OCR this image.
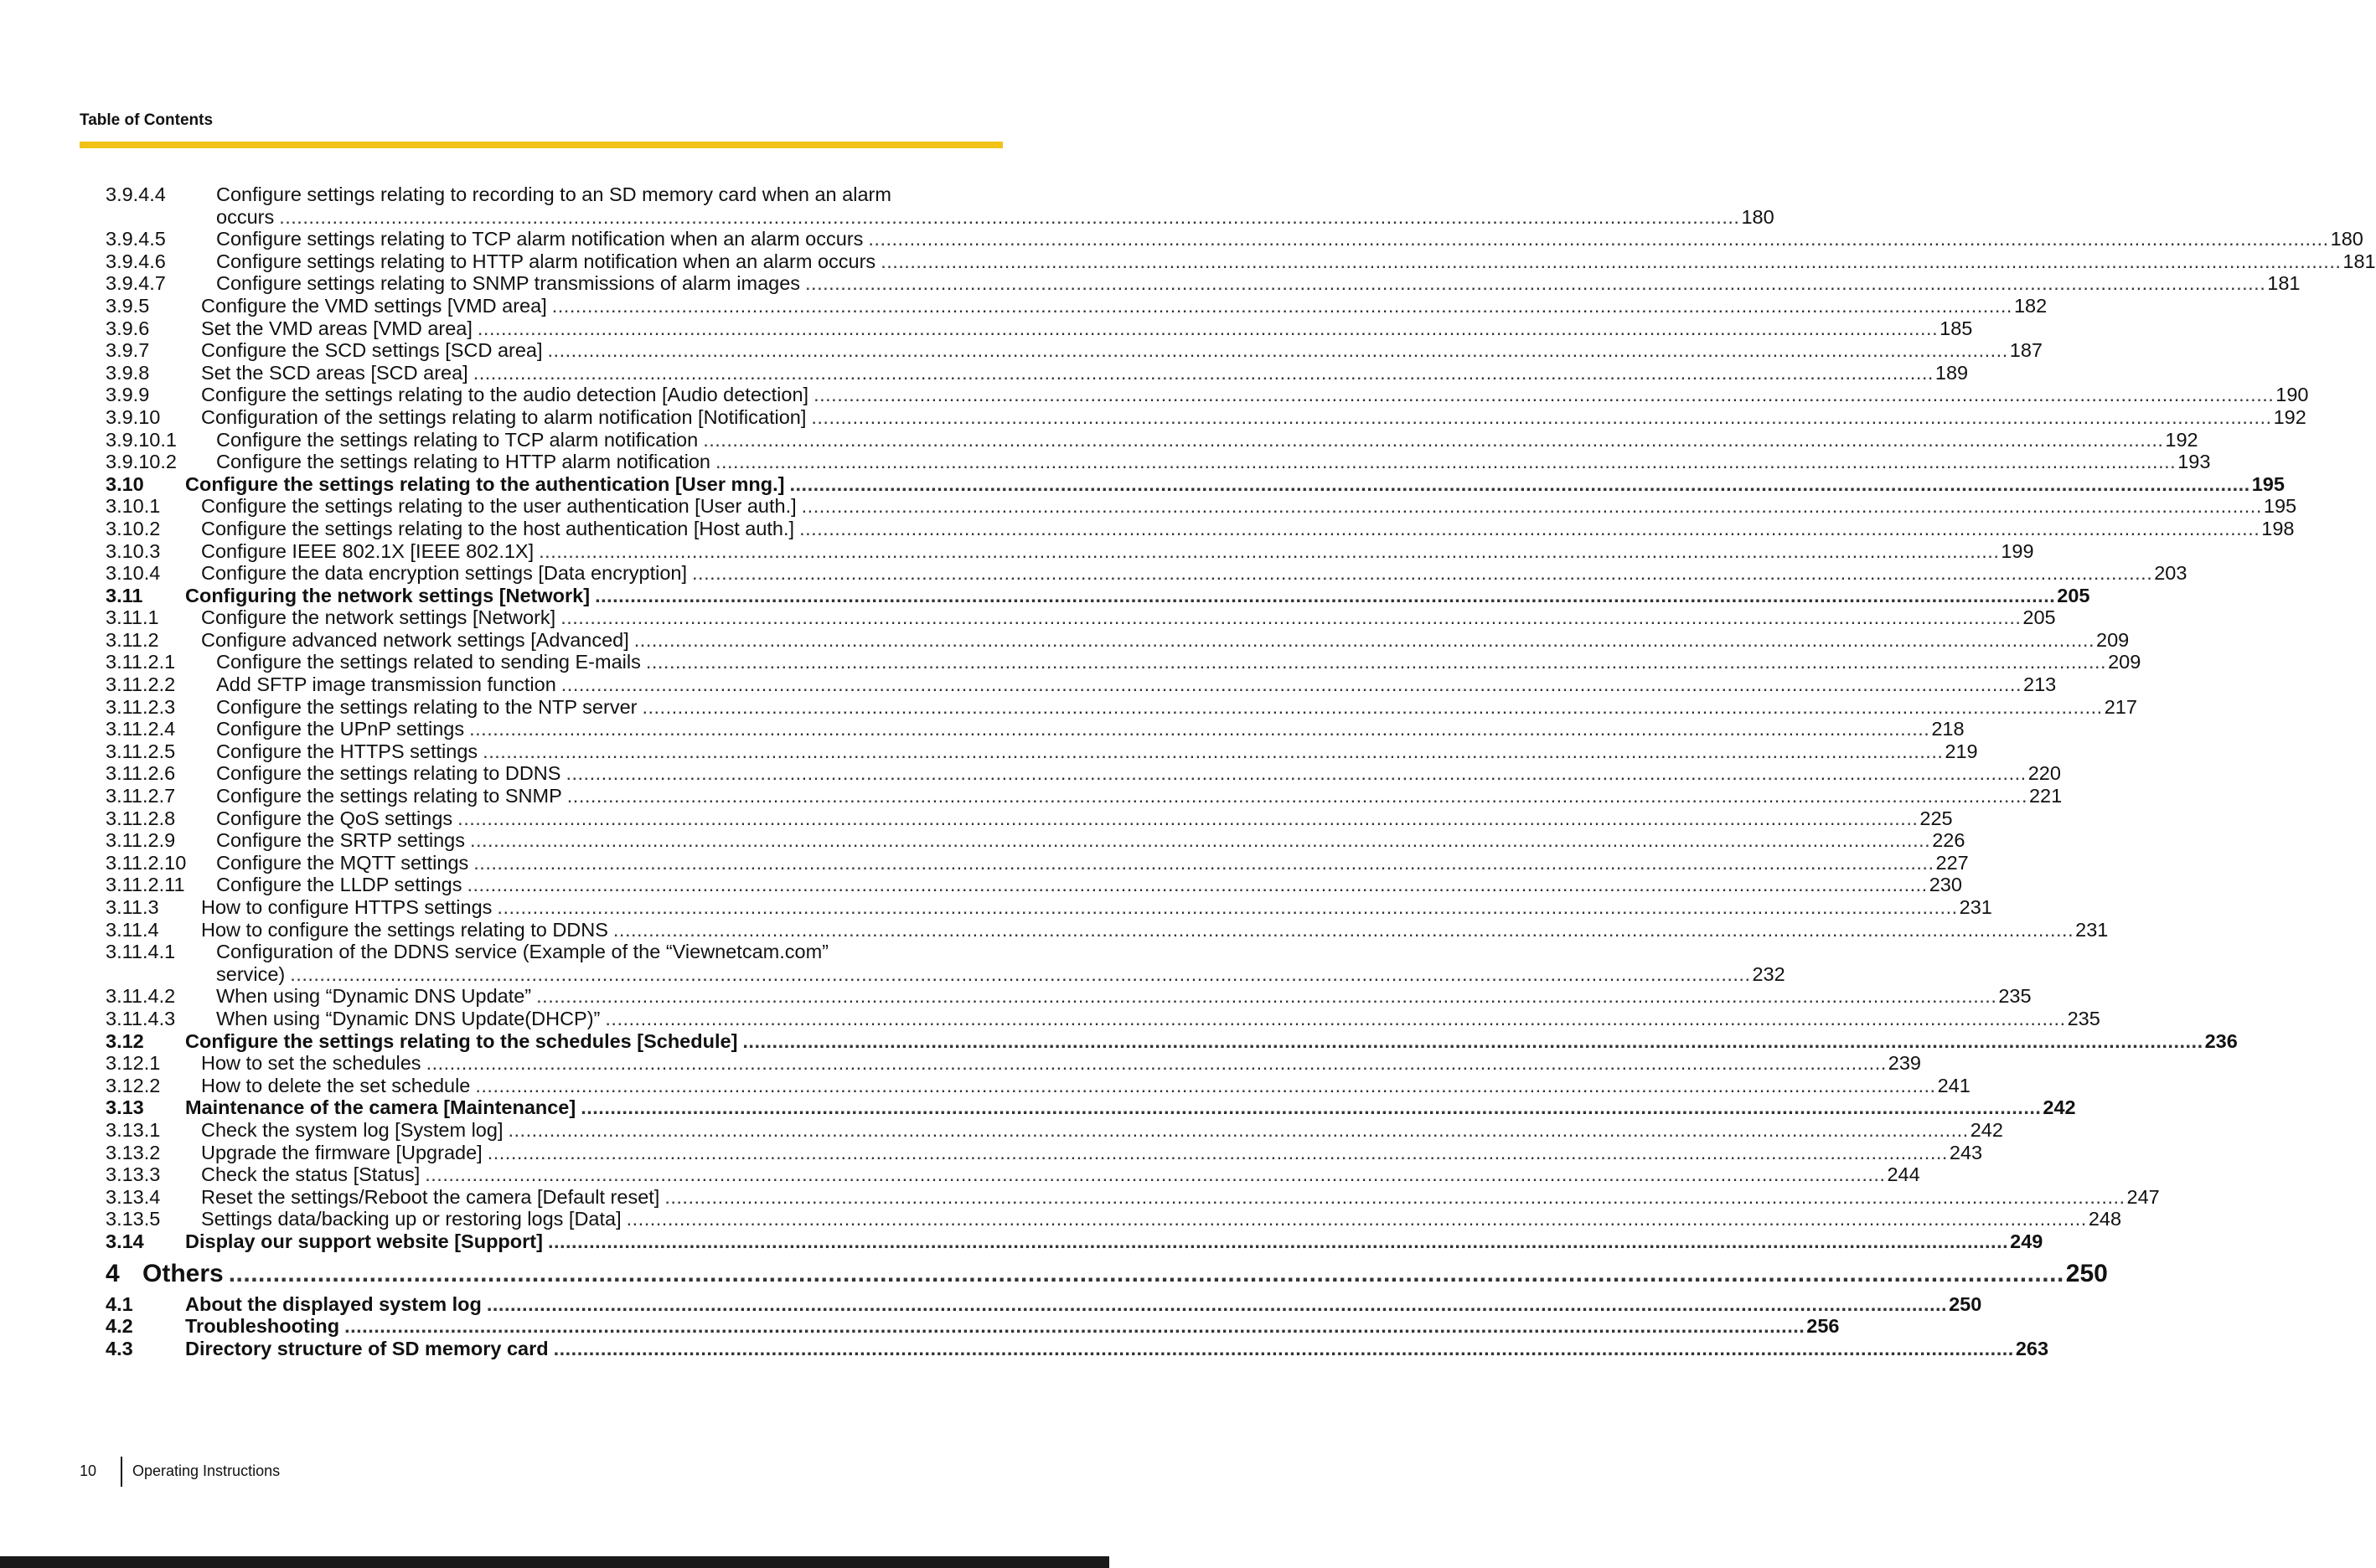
Table of Contents
3.9.4.4	Configure settings relating to recording to an SD memory card when an alarm
occurs .....	180
3.9.4.5	Configure settings relating to TCP alarm notification when an alarm occurs .....	180
3.9.4.6	Configure settings relating to HTTP alarm notification when an alarm occurs .....	181
3.9.4.7	Configure settings relating to SNMP transmissions of alarm images .....	181
3.9.5	Configure the VMD settings [VMD area] .....	182
3.9.6	Set the VMD areas [VMD area] .....	185
3.9.7	Configure the SCD settings [SCD area] .....	187
3.9.8	Set the SCD areas [SCD area] .....	189
3.9.9	Configure the settings relating to the audio detection [Audio detection] .....	190
3.9.10	Configuration of the settings relating to alarm notification [Notification] .....	192
3.9.10.1	Configure the settings relating to TCP alarm notification .....	192
3.9.10.2	Configure the settings relating to HTTP alarm notification .....	193
3.10	Configure the settings relating to the authentication [User mng.] .....	195
3.10.1	Configure the settings relating to the user authentication [User auth.] .....	195
3.10.2	Configure the settings relating to the host authentication [Host auth.] .....	198
3.10.3	Configure IEEE 802.1X [IEEE 802.1X] .....	199
3.10.4	Configure the data encryption settings [Data encryption] .....	203
3.11	Configuring the network settings [Network] .....	205
3.11.1	Configure the network settings [Network] .....	205
3.11.2	Configure advanced network settings [Advanced] .....	209
3.11.2.1	Configure the settings related to sending E-mails .....	209
3.11.2.2	Add SFTP image transmission function .....	213
3.11.2.3	Configure the settings relating to the NTP server .....	217
3.11.2.4	Configure the UPnP settings .....	218
3.11.2.5	Configure the HTTPS settings .....	219
3.11.2.6	Configure the settings relating to DDNS .....	220
3.11.2.7	Configure the settings relating to SNMP .....	221
3.11.2.8	Configure the QoS settings .....	225
3.11.2.9	Configure the SRTP settings .....	226
3.11.2.10	Configure the MQTT settings .....	227
3.11.2.11	Configure the LLDP settings .....	230
3.11.3	How to configure HTTPS settings .....	231
3.11.4	How to configure the settings relating to DDNS .....	231
3.11.4.1	Configuration of the DDNS service (Example of the “Viewnetcam.com”
service) .....	232
3.11.4.2	When using “Dynamic DNS Update” .....	235
3.11.4.3	When using “Dynamic DNS Update(DHCP)” .....	235
3.12	Configure the settings relating to the schedules [Schedule] .....	236
3.12.1	How to set the schedules .....	239
3.12.2	How to delete the set schedule .....	241
3.13	Maintenance of the camera [Maintenance] .....	242
3.13.1	Check the system log [System log] .....	242
3.13.2	Upgrade the firmware [Upgrade] .....	243
3.13.3	Check the status [Status] .....	244
3.13.4	Reset the settings/Reboot the camera [Default reset] .....	247
3.13.5	Settings data/backing up or restoring logs [Data] .....	248
3.14	Display our support website [Support] .....	249
4 Others .....	250
4.1	About the displayed system log .....	250
4.2	Troubleshooting .....	256
4.3	Directory structure of SD memory card .....	263
10 Operating Instructions
